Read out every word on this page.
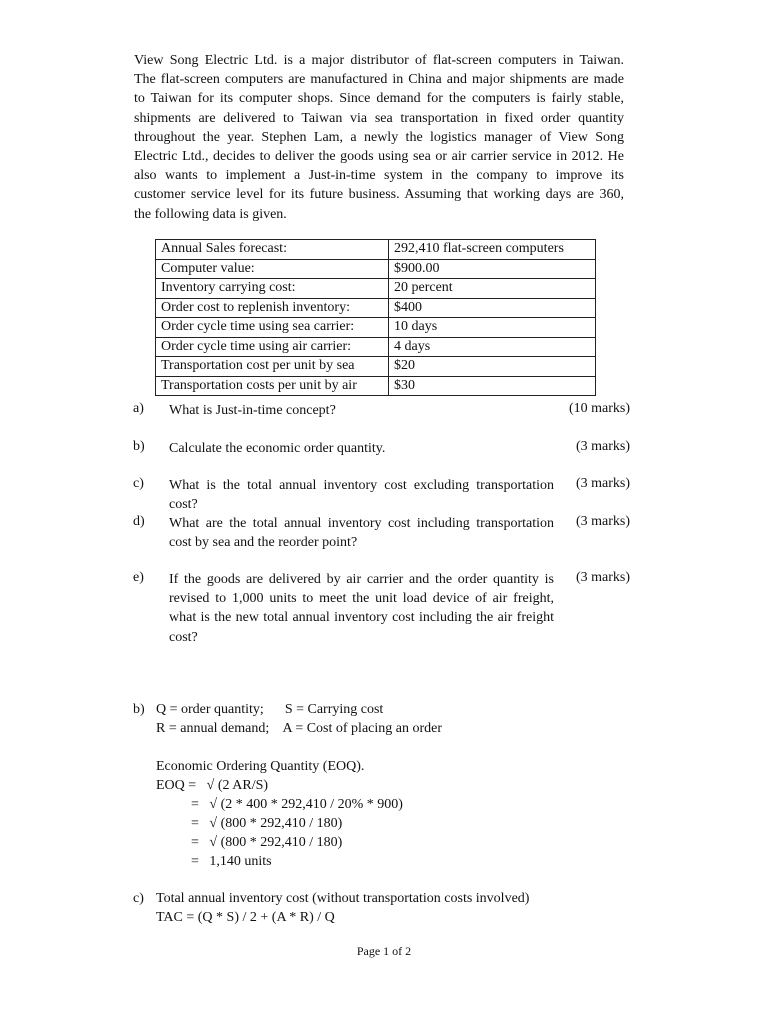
View Song Electric Ltd. is a major distributor of flat-screen computers in Taiwan.
The flat-screen computers are manufactured in China and major shipments are made
to Taiwan for its computer shops. Since demand for the computers is fairly stable,
shipments are delivered to Taiwan via sea transportation in fixed order quantity
throughout the year. Stephen Lam, a newly the logistics manager of View Song
Electric Ltd., decides to deliver the goods using sea or air carrier service in 2012. He
also wants to implement a Just-in-time system in the company to improve its
customer service level for its future business. Assuming that working days are 360,
the following data is given.
Annual Sales forecast:	292,410 flat-screen computers
Computer value:	$900.00
Inventory carrying cost:	20 percent
Order cost to replenish inventory:	$400
Order cycle time using sea carrier:	10 days
Order cycle time using air carrier:	4 days
Transportation cost per unit by sea	$20
Transportation costs per unit by air	$30
a) What is Just-in-time concept?	(10 marks)
b) Calculate the economic order quantity.	(3 marks)
c) What is the total annual inventory cost excluding transportation cost?
(3 marks)
d) What are the total annual inventory cost including transportation cost by sea and the reorder point?
(3 marks)
e) If the goods are delivered by air carrier and the order quantity is revised to 1,000 units to meet the unit load device of air freight, what is the new total annual inventory cost including the air freight cost?
(3 marks)
b) Q = order quantity;      S = Carrying cost
R = annual demand;    A = Cost of placing an order
Economic Ordering Quantity (EOQ).
EOQ =   √ (2 AR/S)
=   √ (2 * 400 * 292,410 / 20% * 900)
=   √ (800 * 292,410 / 180)
=   √ (800 * 292,410 / 180)
=   1,140 units
c) Total annual inventory cost (without transportation costs involved)
TAC = (Q * S) / 2 + (A * R) / Q
Page 1 of 2
